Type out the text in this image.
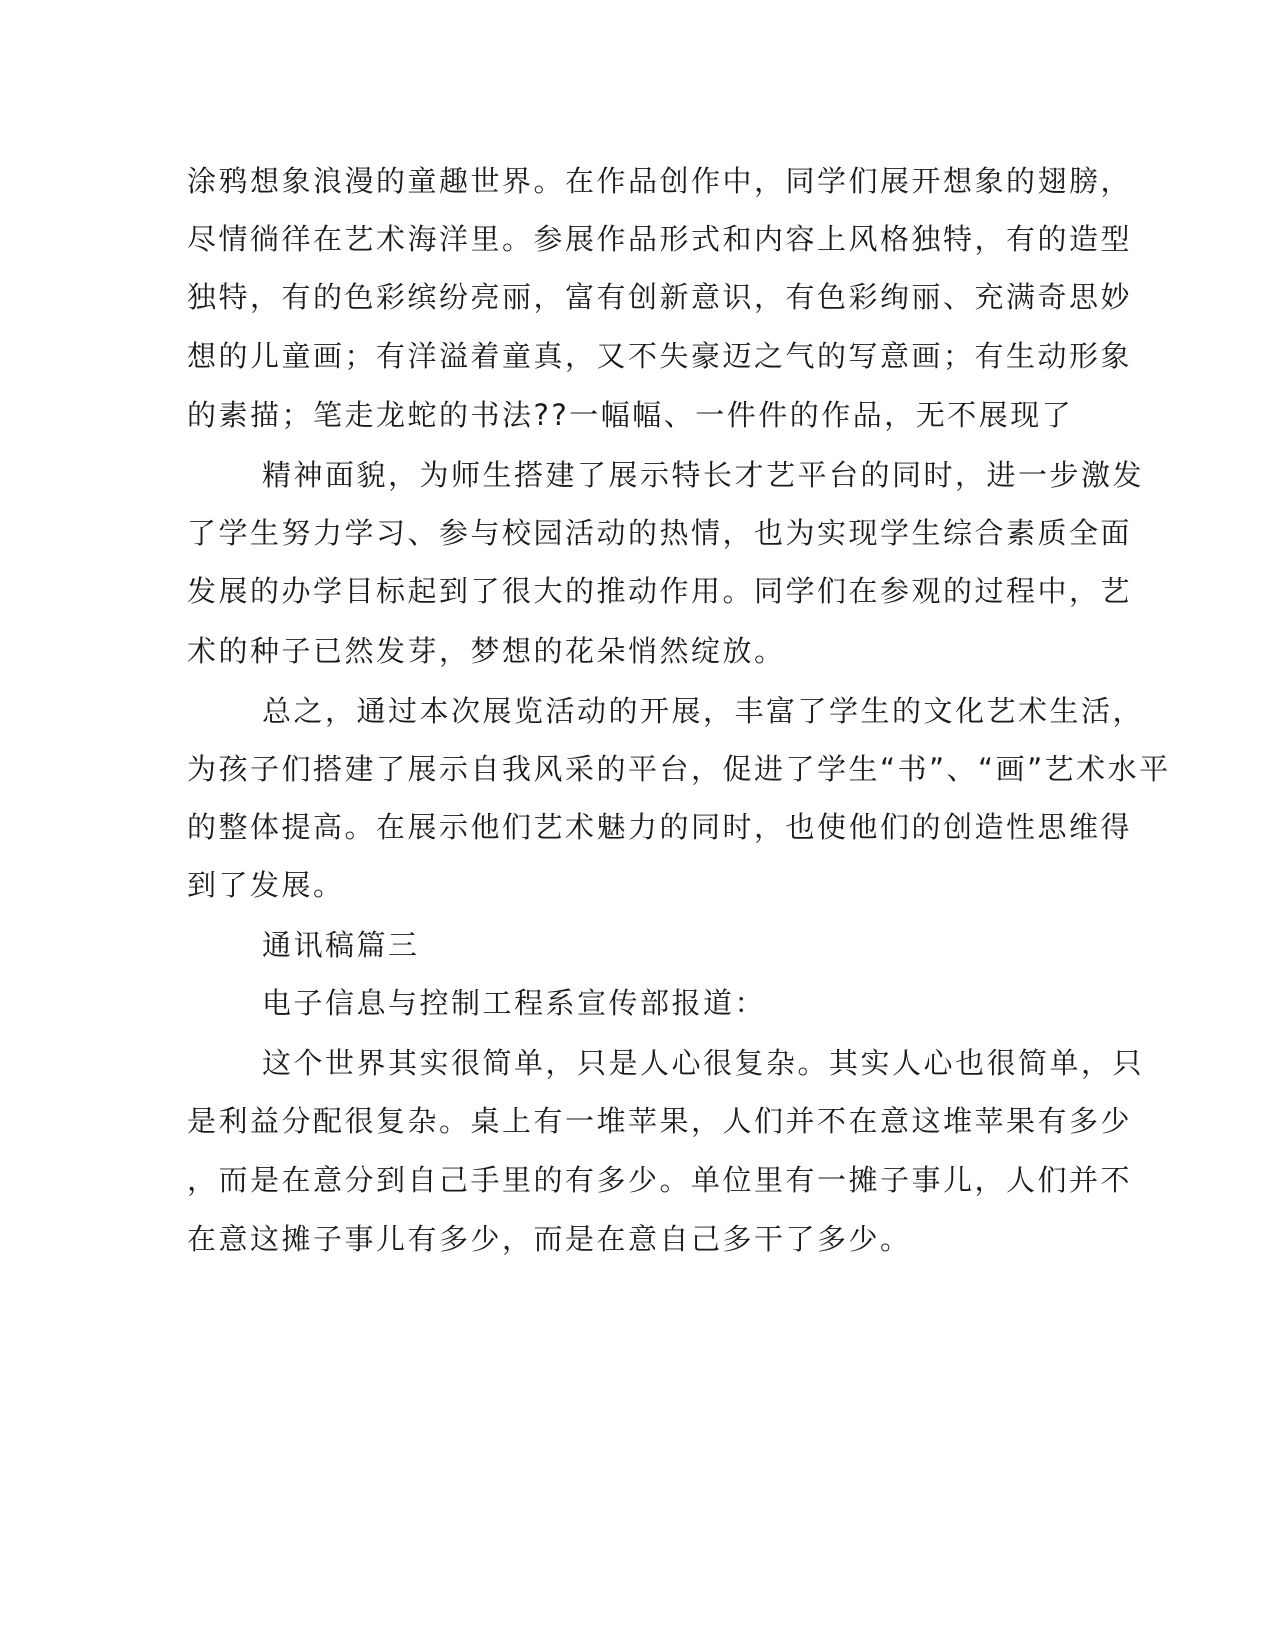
涂鸦想象浪漫的童趣世界。在作品创作中，同学们展开想象的翅膀，

尽情徜徉在艺术海洋里。参展作品形式和内容上风格独特，有的造型

独特，有的色彩缤纷亮丽，富有创新意识，有色彩绚丽、充满奇思妙

想的儿童画；有洋溢着童真，又不失豪迈之气的写意画；有生动形象

的素描；笔走龙蛇的书法??一幅幅、一件件的作品，无不展现了

精神面貌，为师生搭建了展示特长才艺平台的同时，进一步激发

了学生努力学习、参与校园活动的热情，也为实现学生综合素质全面

发展的办学目标起到了很大的推动作用。同学们在参观的过程中，艺

术的种子已然发芽，梦想的花朵悄然绽放。

总之，通过本次展览活动的开展，丰富了学生的文化艺术生活，

为孩子们搭建了展示自我风采的平台，促进了学生“书”、“画”艺术水平

的整体提高。在展示他们艺术魅力的同时，也使他们的创造性思维得

到了发展。

通讯稿篇三

电子信息与控制工程系宣传部报道：

这个世界其实很简单，只是人心很复杂。其实人心也很简单，只

是利益分配很复杂。桌上有一堆苹果，人们并不在意这堆苹果有多少

，而是在意分到自己手里的有多少。单位里有一摊子事儿，人们并不

在意这摊子事儿有多少，而是在意自己多干了多少。
